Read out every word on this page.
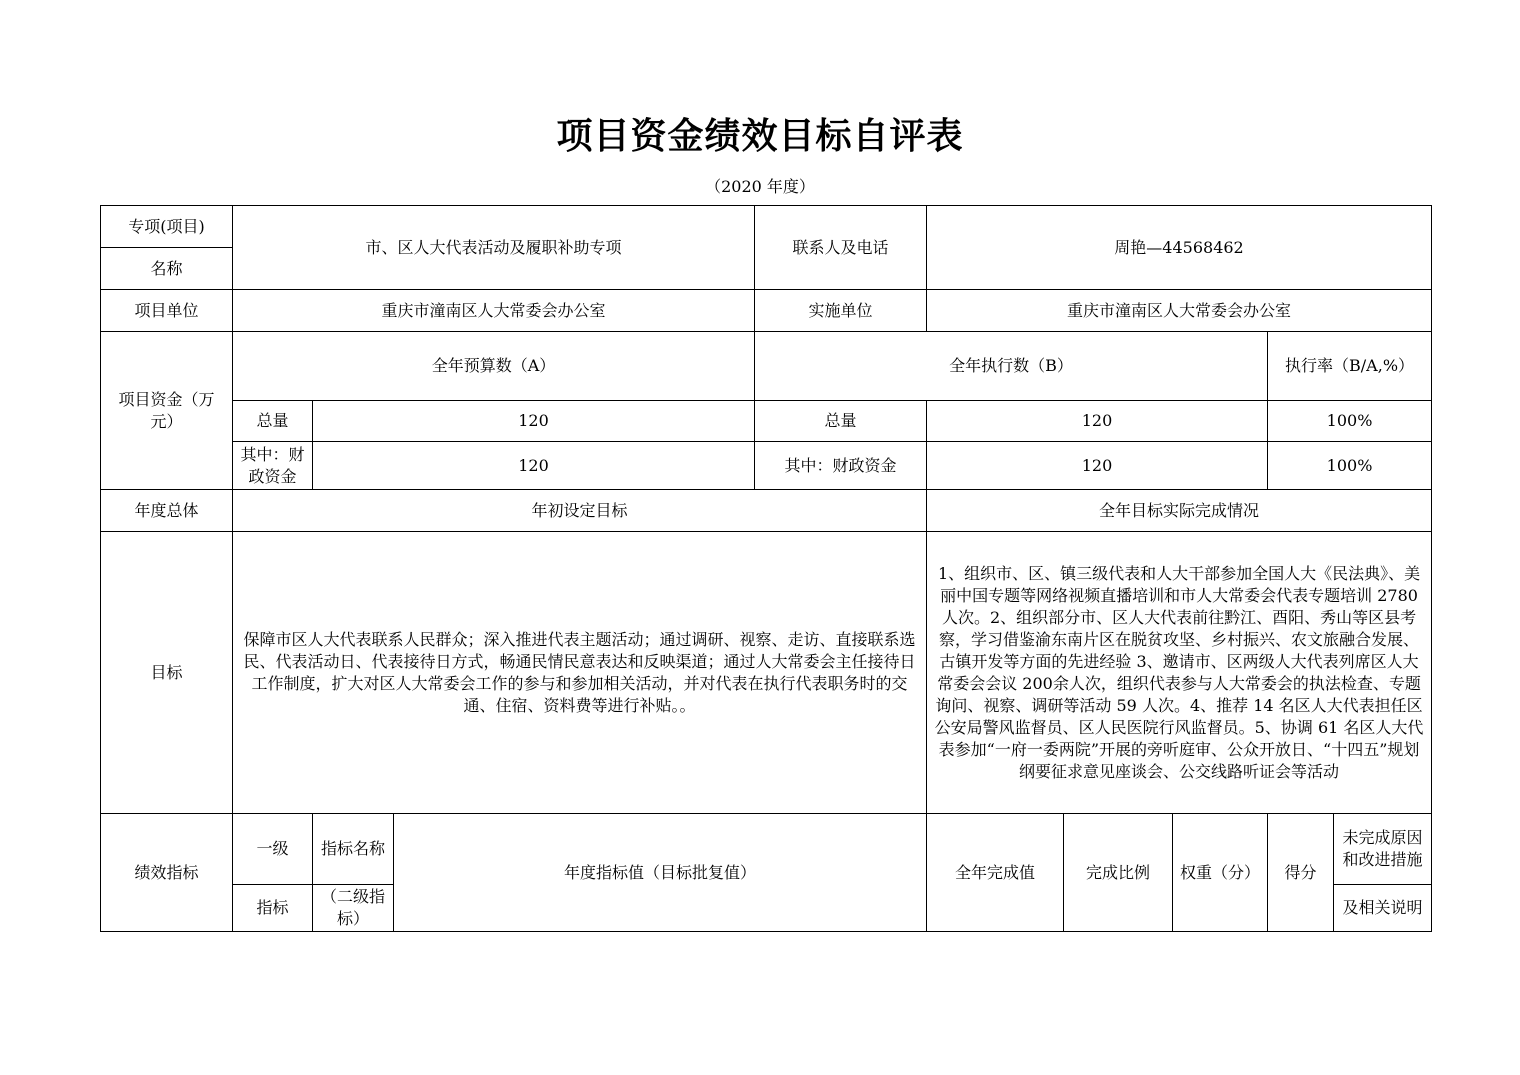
项目资金绩效目标自评表
（2020 年度）
专项(项目)	市、区人大代表活动及履职补助专项			联系人及电话	周艳—44568462				
名称									
项目单位	重庆市潼南区人大常委会办公室			实施单位	重庆市潼南区人大常委会办公室				
项目资金（万元）	全年预算数（A）			全年执行数（B）				执行率（B/A,%）	
	总量	120		总量	120			100%	
	其中：财政资金	120		其中：财政资金	120			100%	
年度总体	年初设定目标				全年目标实际完成情况				
目标	保障市区人大代表联系人民群众；深入推进代表主题活动；通过调研、视察、走访、直接联系选民、代表活动日、代表接待日方式，畅通民情民意表达和反映渠道；通过人大常委会主任接待日工作制度，扩大对区人大常委会工作的参与和参加相关活动，并对代表在执行代表职务时的交通、住宿、资料费等进行补贴。。				1、组织市、区、镇三级代表和人大干部参加全国人大《民法典》、美丽中国专题等网络视频直播培训和市人大常委会代表专题培训 2780 人次。2、组织部分市、区人大代表前往黔江、酉阳、秀山等区县考察，学习借鉴渝东南片区在脱贫攻坚、乡村振兴、农文旅融合发展、古镇开发等方面的先进经验 3、邀请市、区两级人大代表列席区人大常委会会议 200余人次，组织代表参与人大常委会的执法检查、专题询问、视察、调研等活动 59 人次。4、推荐 14 名区人大代表担任区公安局警风监督员、区人民医院行风监督员。5、协调 61 名区人大代表参加“一府一委两院”开展的旁听庭审、公众开放日、“十四五”规划纲要征求意见座谈会、公交线路听证会等活动				
绩效指标	一级	指标名称	年度指标值（目标批复值）		全年完成值	完成比例	权重（分）	得分	未完成原因和改进措施
	指标	（二级指标）							及相关说明
